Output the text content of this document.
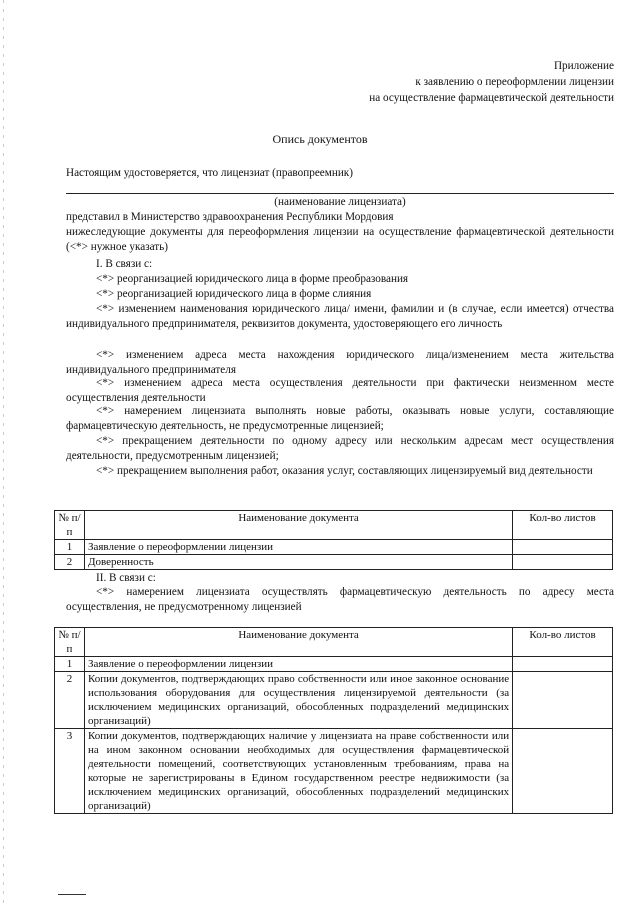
Приложение
к заявлению о переоформлении лицензии
на осуществление фармацевтической деятельности
Опись документов
Настоящим удостоверяется, что лицензиат (правопреемник)
(наименование лицензиата)
представил в Министерство здравоохранения Республики Мордовия
нижеследующие документы для переоформления лицензии на осуществление фармацевтической деятельности (<*> нужное указать)
I. В связи с:
<*> реорганизацией юридического лица в форме преобразования
<*> реорганизацией юридического лица в форме слияния
<*> изменением наименования юридического лица/ имени, фамилии и (в случае, если имеется) отчества индивидуального предпринимателя, реквизитов документа, удостоверяющего его личность
<*> изменением адреса места нахождения юридического лица/изменением места жительства индивидуального предпринимателя
<*> изменением адреса места осуществления деятельности при фактически неизменном месте осуществления деятельности
<*> намерением лицензиата выполнять новые работы, оказывать новые услуги, составляющие фармацевтическую деятельность, не предусмотренные лицензией;
<*> прекращением деятельности по одному адресу или нескольким адресам мест осуществления деятельности, предусмотренным лицензией;
<*> прекращением выполнения работ, оказания услуг, составляющих лицензируемый вид деятельности
№ п/п	Наименование документа	Кол-во листов
1	Заявление о переоформлении лицензии	
2	Доверенность	
II. В связи с:
<*> намерением лицензиата осуществлять фармацевтическую деятельность по адресу места осуществления, не предусмотренному лицензией
№ п/п	Наименование документа	Кол-во листов
1	Заявление о переоформлении лицензии	
2	Копии документов, подтверждающих право собственности или иное законное основание использования оборудования для осуществления лицензируемой деятельности (за исключением медицинских организаций, обособленных подразделений медицинских организаций)	
3	Копии документов, подтверждающих наличие у лицензиата на праве собственности или на ином законном основании необходимых для осуществления фармацевтической деятельности помещений, соответствующих установленным требованиям, права на которые не зарегистрированы в Едином государственном реестре недвижимости (за исключением медицинских организаций, обособленных подразделений медицинских организаций)	
